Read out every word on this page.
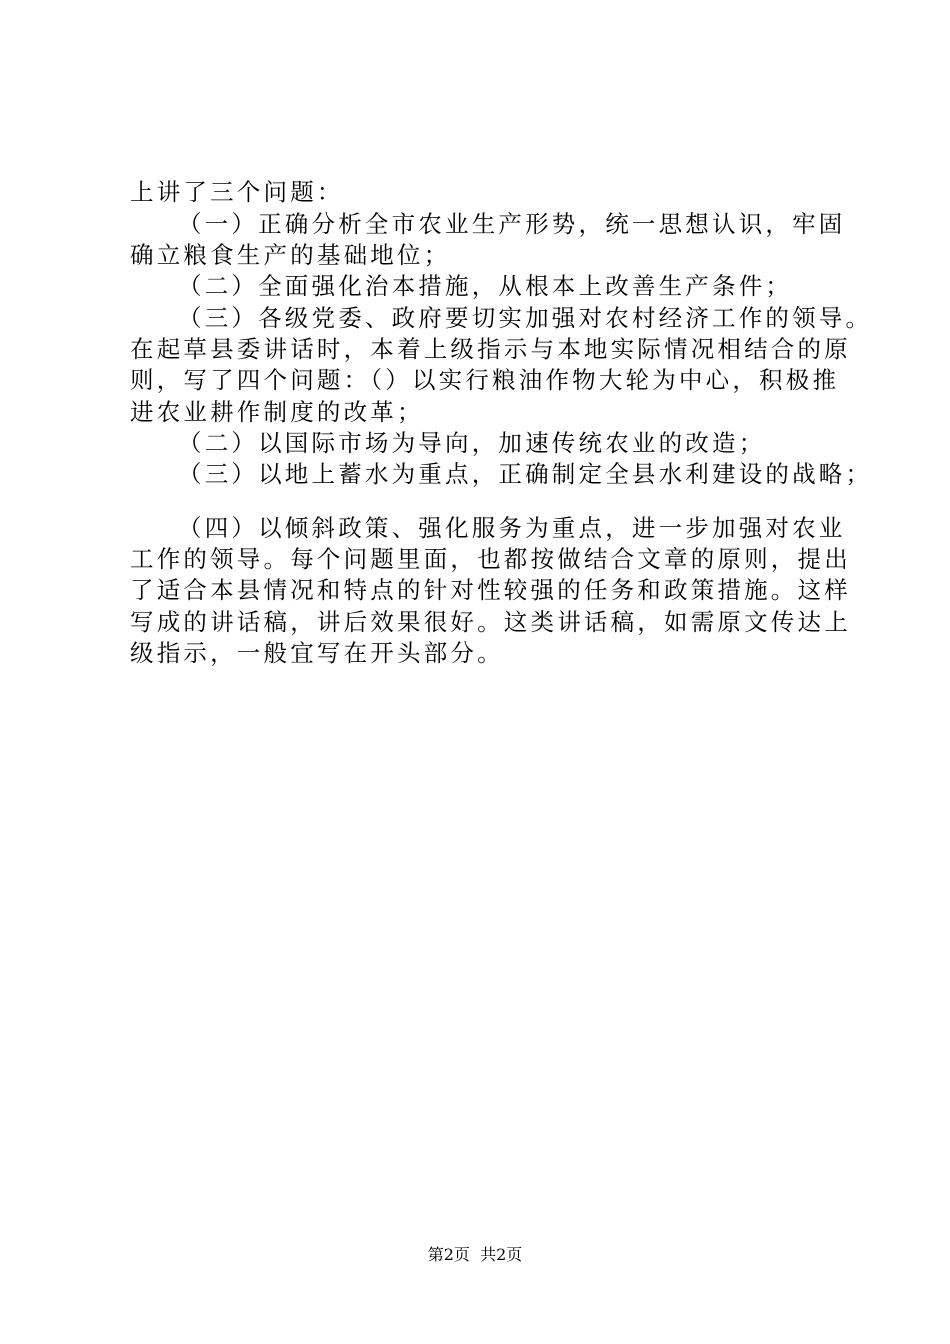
上讲了三个问题：
（一）正确分析全市农业生产形势，统一思想认识，牢固
确立粮食生产的基础地位；
（二）全面强化治本措施，从根本上改善生产条件；
（三）各级党委、政府要切实加强对农村经济工作的领导。
在起草县委讲话时，本着上级指示与本地实际情况相结合的原
则，写了四个问题：（）以实行粮油作物大轮为中心，积极推
进农业耕作制度的改革；
（二）以国际市场为导向，加速传统农业的改造；
（三）以地上蓄水为重点，正确制定全县水利建设的战略；
（四）以倾斜政策、强化服务为重点，进一步加强对农业
工作的领导。每个问题里面，也都按做结合文章的原则，提出
了适合本县情况和特点的针对性较强的任务和政策措施。这样
写成的讲话稿，讲后效果很好。这类讲话稿，如需原文传达上
级指示，一般宜写在开头部分。
第2页  共2页
